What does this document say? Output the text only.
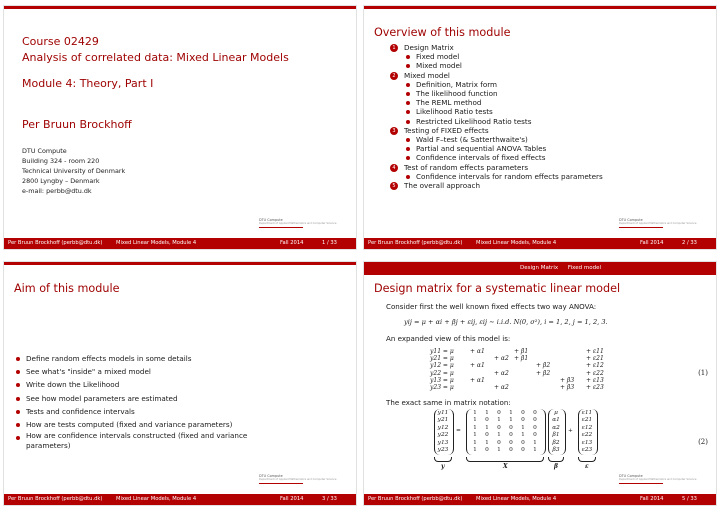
Course 02429
Analysis of correlated data: Mixed Linear Models
Module 4: Theory, Part I
Per Bruun Brockhoff
DTU Compute
Building 324 - room 220
Technical University of Denmark
2800 Lyngby – Denmark
e-mail: perbb@dtu.dk
DTU Compute
Department of Applied Mathematics and Computer Science
Per Bruun Brockhoff (perbb@dtu.dk)	Mixed Linear Models, Module 4	Fall 2014	1 / 33
Overview of this module
1	Design Matrix
Fixed model
Mixed model
2	Mixed model
Definition, Matrix form
The likelihood function
The REML method
Likelihood Ratio tests
Restricted Likelihood Ratio tests
3	Testing of FIXED effects
Wald F–test (& Satterthwaite's)
Partial and sequential ANOVA Tables
Confidence intervals of fixed effects
4	Test of random effects parameters
Confidence intervals for random effects parameters
5	The overall approach
DTU Compute
Department of Applied Mathematics and Computer Science
Per Bruun Brockhoff (perbb@dtu.dk)	Mixed Linear Models, Module 4	Fall 2014	2 / 33
Aim of this module
Define random effects models in some details
See what's "inside" a mixed model
Write down the Likelihood
See how model parameters are estimated
Tests and confidence intervals
How are tests computed (fixed and variance parameters)
How are confidence intervals constructed (fixed and variance parameters)
DTU Compute
Department of Applied Mathematics and Computer Science
Per Bruun Brockhoff (perbb@dtu.dk)	Mixed Linear Models, Module 4	Fall 2014	3 / 33
Design Matrix Fixed model
Design matrix for a systematic linear model
Consider first the well known fixed effects two way ANOVA:
yij = μ + αi + βj + εij, εij ∼ i.i.d. N(0, σ²), i = 1, 2, j = 1, 2, 3.
An expanded view of this model is:
y11 = μ	+ α1	+ β1	+ ε11
y21 = μ	+ α2 + β1	+ ε21
y12 = μ	+ α1	+ β2	+ ε12
y22 = μ	+ α2	+ β2	+ ε22
y13 = μ	+ α1	+ β3 + ε13
y23 = μ	+ α2	+ β3 + ε23
(1)
The exact same in matrix notation:
y11
y21
y12
y22
y13
y23
=
1	1	0	1	0	0
1	0	1	1	0	0
1	1	0	0	1	0
1	0	1	0	1	0
1	1	0	0	0	1
1	0	1	0	0	1
μ
α1
α2
β1
β2
β3
+
ε11
ε21
ε12
ε22
ε13
ε23
y	X	β	ε
(2)
DTU Compute
Department of Applied Mathematics and Computer Science
Per Bruun Brockhoff (perbb@dtu.dk)	Mixed Linear Models, Module 4	Fall 2014	5 / 33
